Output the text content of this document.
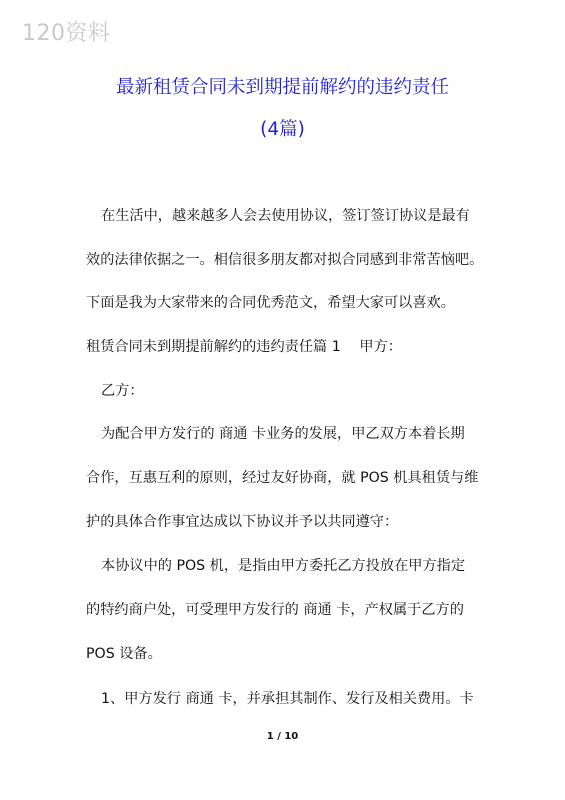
120资料
最新租赁合同未到期提前解约的违约责任
(4篇)
在生活中，越来越多人会去使用协议，签订签订协议是最有
效的法律依据之一。相信很多朋友都对拟合同感到非常苦恼吧。
下面是我为大家带来的合同优秀范文，希望大家可以喜欢。
租赁合同未到期提前解约的违约责任篇 1　 甲方：
乙方：
为配合甲方发行的 商通 卡业务的发展，甲乙双方本着长期
合作，互惠互利的原则，经过友好协商，就 POS 机具租赁与维
护的具体合作事宜达成以下协议并予以共同遵守：
本协议中的 POS 机，是指由甲方委托乙方投放在甲方指定
的特约商户处，可受理甲方发行的 商通 卡，产权属于乙方的
POS 设备。
1、甲方发行 商通 卡，并承担其制作、发行及相关费用。卡
1 / 10
